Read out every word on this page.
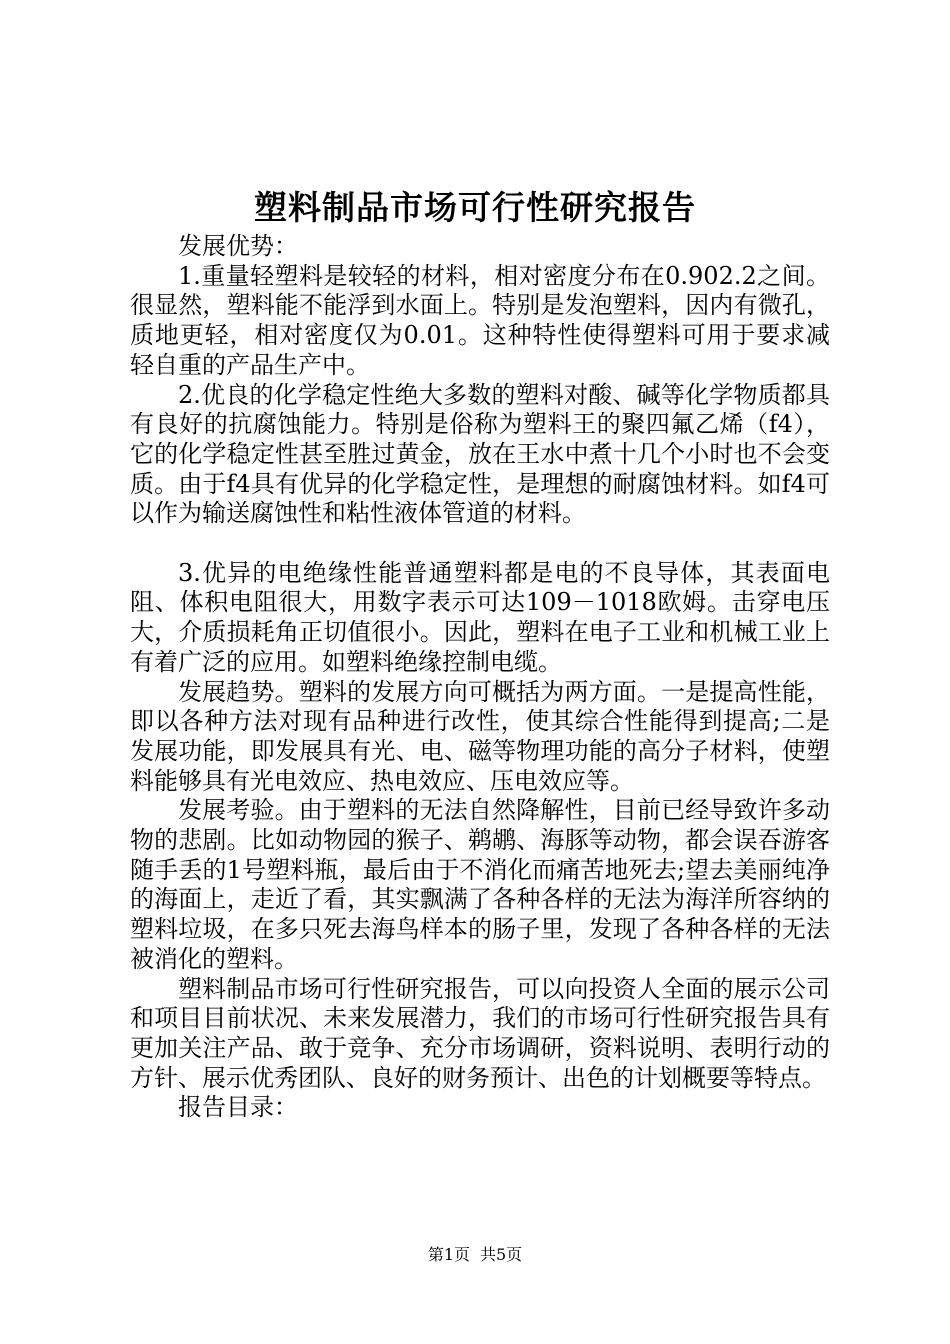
塑料制品市场可行性研究报告

发展优势：

1.重量轻塑料是较轻的材料，相对密度分布在0.902.2之间。很显然，塑料能不能浮到水面上。特别是发泡塑料，因内有微孔，质地更轻，相对密度仅为0.01。这种特性使得塑料可用于要求减轻自重的产品生产中。

2.优良的化学稳定性绝大多数的塑料对酸、碱等化学物质都具有良好的抗腐蚀能力。特别是俗称为塑料王的聚四氟乙烯（f4），它的化学稳定性甚至胜过黄金，放在王水中煮十几个小时也不会变质。由于f4具有优异的化学稳定性，是理想的耐腐蚀材料。如f4可以作为输送腐蚀性和粘性液体管道的材料。

3.优异的电绝缘性能普通塑料都是电的不良导体，其表面电阻、体积电阻很大，用数字表示可达109－1018欧姆。击穿电压大，介质损耗角正切值很小。因此，塑料在电子工业和机械工业上有着广泛的应用。如塑料绝缘控制电缆。

发展趋势。塑料的发展方向可概括为两方面。一是提高性能，即以各种方法对现有品种进行改性，使其综合性能得到提高;二是发展功能，即发展具有光、电、磁等物理功能的高分子材料，使塑料能够具有光电效应、热电效应、压电效应等。

发展考验。由于塑料的无法自然降解性，目前已经导致许多动物的悲剧。比如动物园的猴子、鹈鹕、海豚等动物，都会误吞游客随手丢的1号塑料瓶，最后由于不消化而痛苦地死去;望去美丽纯净的海面上，走近了看，其实飘满了各种各样的无法为海洋所容纳的塑料垃圾，在多只死去海鸟样本的肠子里，发现了各种各样的无法被消化的塑料。

塑料制品市场可行性研究报告，可以向投资人全面的展示公司和项目目前状况、未来发展潜力，我们的市场可行性研究报告具有更加关注产品、敢于竞争、充分市场调研，资料说明、表明行动的方针、展示优秀团队、良好的财务预计、出色的计划概要等特点。

报告目录：

第1页 共5页
